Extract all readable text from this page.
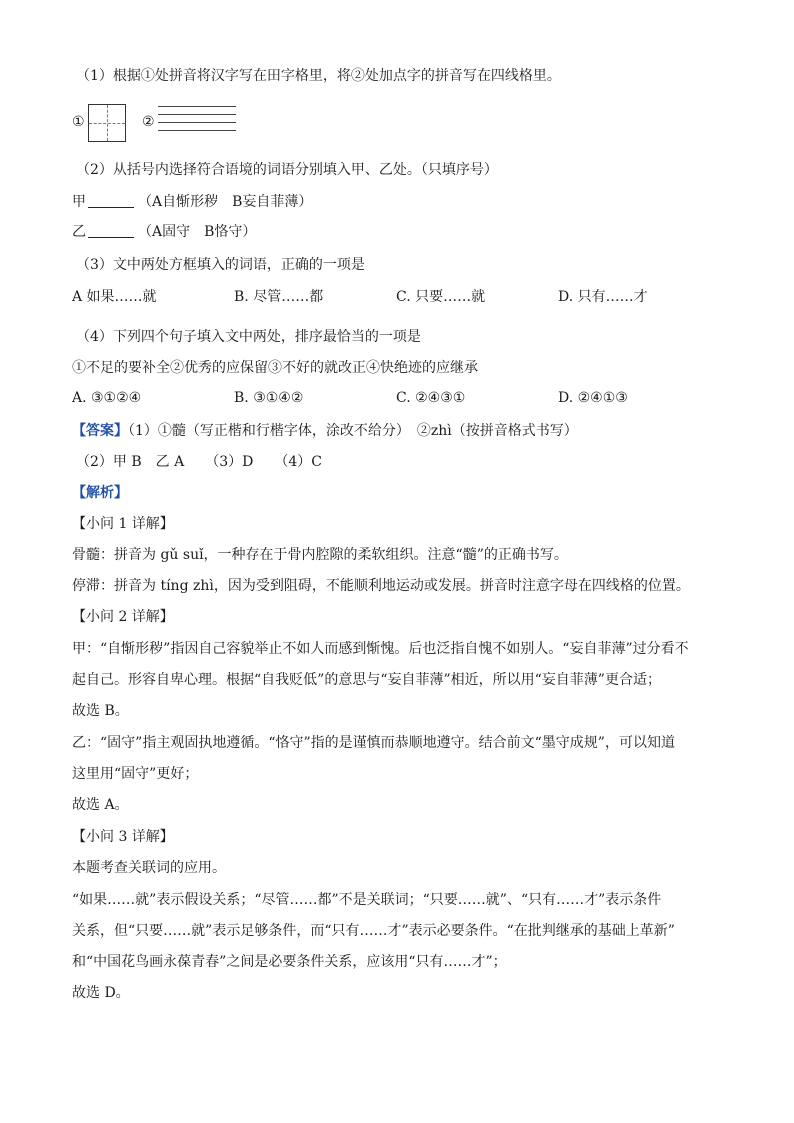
（1）根据①处拼音将汉字写在田字格里，将②处加点字的拼音写在四线格里。
①	②
（2）从括号内选择符合语境的词语分别填入甲、乙处。（只填序号）
甲	（A自惭形秽　B妄自菲薄）
乙	（A固守　B恪守）
（3）文中两处方框填入的词语，正确的一项是
A 如果……就	B. 尽管……都	C. 只要……就	D. 只有……才
（4）下列四个句子填入文中两处，排序最恰当的一项是
①不足的要补全②优秀的应保留③不好的就改正④快绝迹的应继承
A. ③①②④	B. ③①④②	C. ②④③①	D. ②④①③
【答案】（1）①髓（写正楷和行楷字体，涂改不给分）　②zhì（按拼音格式书写）
（2）甲 B　乙 A　　（3）D　　（4）C
【解析】
【小问 1 详解】
骨髓：拼音为 gǔ suǐ，一种存在于骨内腔隙的柔软组织。注意“髓”的正确书写。
停滞：拼音为 tíng zhì，因为受到阻碍，不能顺利地运动或发展。拼音时注意字母在四线格的位置。
【小问 2 详解】
甲：“自惭形秽”指因自己容貌举止不如人而感到惭愧。后也泛指自愧不如别人。“妄自菲薄”过分看不
起自己。形容自卑心理。根据“自我贬低”的意思与“妄自菲薄”相近，所以用“妄自菲薄”更合适；
故选 B。
乙：“固守”指主观固执地遵循。“恪守”指的是谨慎而恭顺地遵守。结合前文“墨守成规”，可以知道
这里用“固守”更好；
故选 A。
【小问 3 详解】
本题考查关联词的应用。
“如果……就”表示假设关系；“尽管……都”不是关联词；“只要……就”、“只有……才”表示条件
关系，但“只要……就”表示足够条件，而“只有……才”表示必要条件。“在批判继承的基础上革新”
和“中国花鸟画永葆青春”之间是必要条件关系，应该用“只有……才”；
故选 D。
